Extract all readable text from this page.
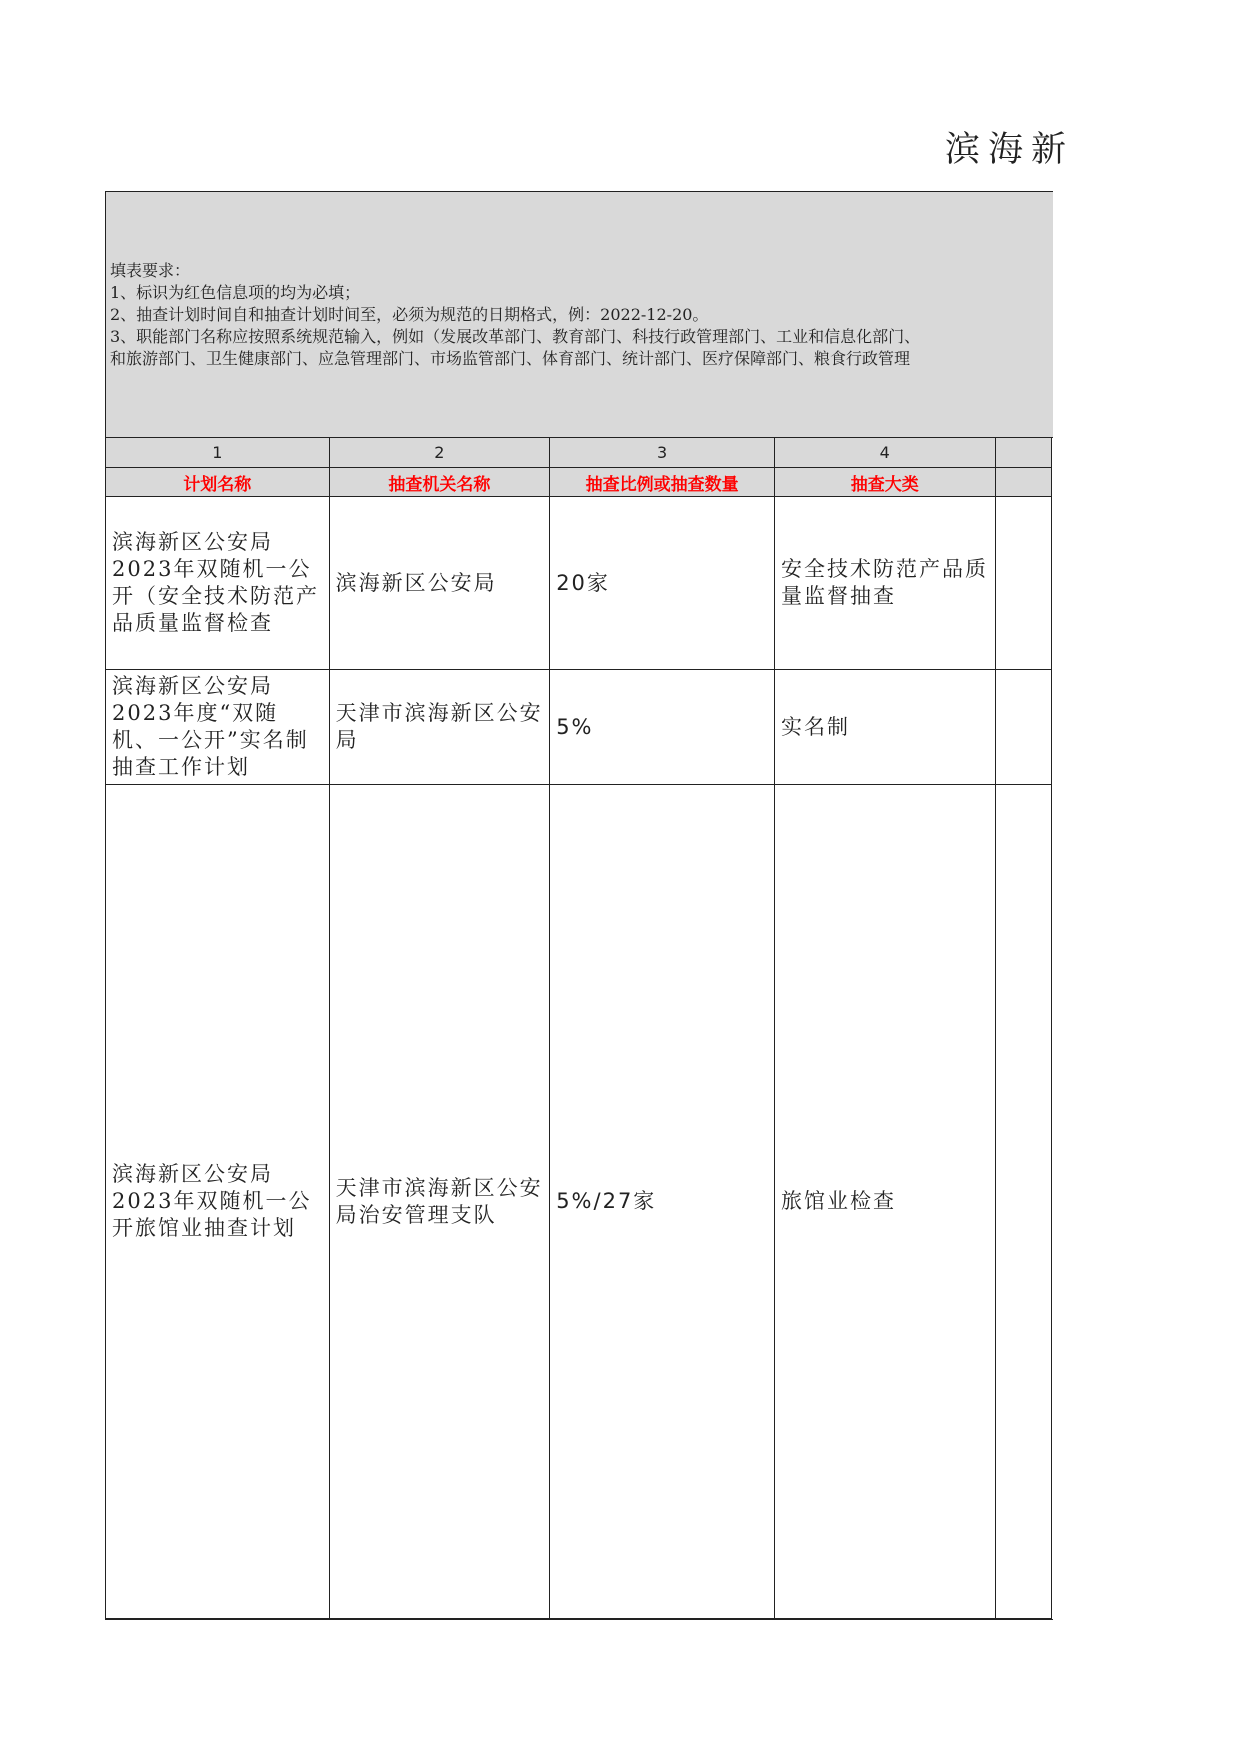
滨海新
填表要求：
1、标识为红色信息项的均为必填；
2、抽查计划时间自和抽查计划时间至，必须为规范的日期格式，例：2022-12-20。
3、职能部门名称应按照系统规范输入，例如（发展改革部门、教育部门、科技行政管理部门、工业和信息化部门、
和旅游部门、卫生健康部门、应急管理部门、市场监管部门、体育部门、统计部门、医疗保障部门、粮食行政管理
1	2	3	4	
计划名称	抽查机关名称	抽查比例或抽查数量	抽查大类	
滨海新区公安局2023年双随机一公开（安全技术防范产品质量监督检查	滨海新区公安局	20家	安全技术防范产品质量监督抽查	
滨海新区公安局2023年度“双随机、一公开”实名制抽查工作计划	天津市滨海新区公安局	5%	实名制	
滨海新区公安局2023年双随机一公开旅馆业抽查计划	天津市滨海新区公安局治安管理支队	5%/27家	旅馆业检查	
